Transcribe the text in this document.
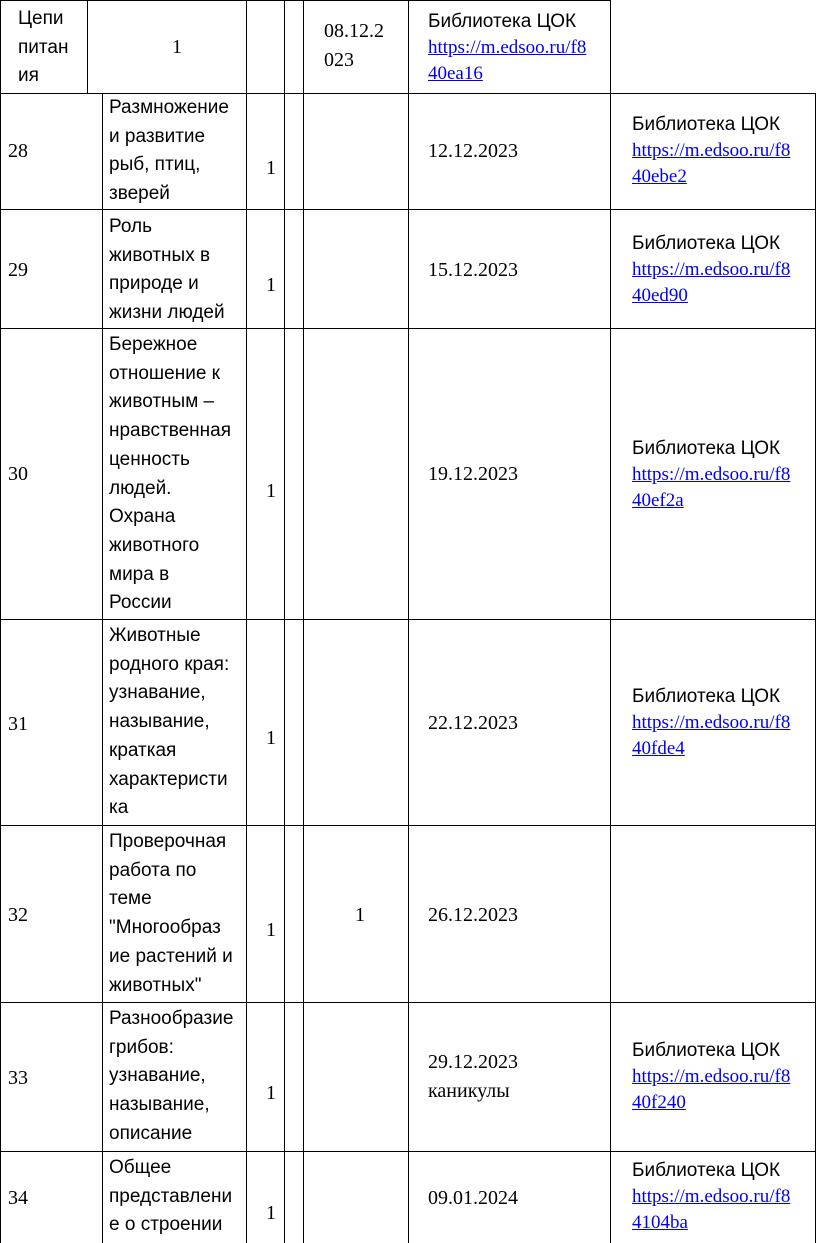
Цепи
питан
ия
1
08.12.2
023
Библиотека ЦОК
https://m.edsoo.ru/f8
40ea16
28
Размножение
и развитие
рыб, птиц,
зверей
1
12.12.2023
Библиотека ЦОК
https://m.edsoo.ru/f8
40ebe2
29
Роль
животных в
природе и
жизни людей
1
15.12.2023
Библиотека ЦОК
https://m.edsoo.ru/f8
40ed90
30
Бережное
отношение к
животным –
нравственная
ценность
людей.
Охрана
животного
мира в
России
1
19.12.2023
Библиотека ЦОК
https://m.edsoo.ru/f8
40ef2a
31
Животные
родного края:
узнавание,
называние,
краткая
характеристи
ка
1
22.12.2023
Библиотека ЦОК
https://m.edsoo.ru/f8
40fde4
32
Проверочная
работа по
теме
"Многообраз
ие растений и
животных"
1
1	26.12.2023
33
Разнообразие
грибов:
узнавание,
называние,
описание
1
29.12.2023
каникулы
Библиотека ЦОК
https://m.edsoo.ru/f8
40f240
34
Общее
представлени
е о строении
1
09.01.2024
Библиотека ЦОК
https://m.edsoo.ru/f8
4104ba
